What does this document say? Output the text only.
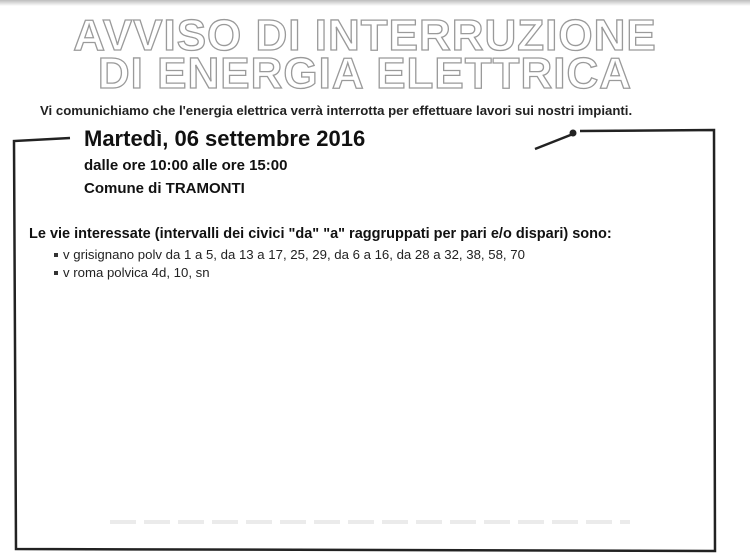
AVVISO DI INTERRUZIONE
DI ENERGIA ELETTRICA
Vi comunichiamo che l'energia elettrica verrà interrotta per effettuare lavori sui nostri impianti.
Martedì, 06 settembre 2016
dalle ore 10:00 alle ore 15:00
Comune di TRAMONTI
Le vie interessate (intervalli dei civici "da" "a" raggruppati per pari e/o dispari) sono:
v grisignano polv da 1 a 5, da 13 a 17, 25, 29, da 6 a 16, da 28 a 32, 38, 58, 70
v roma polvica 4d, 10, sn
